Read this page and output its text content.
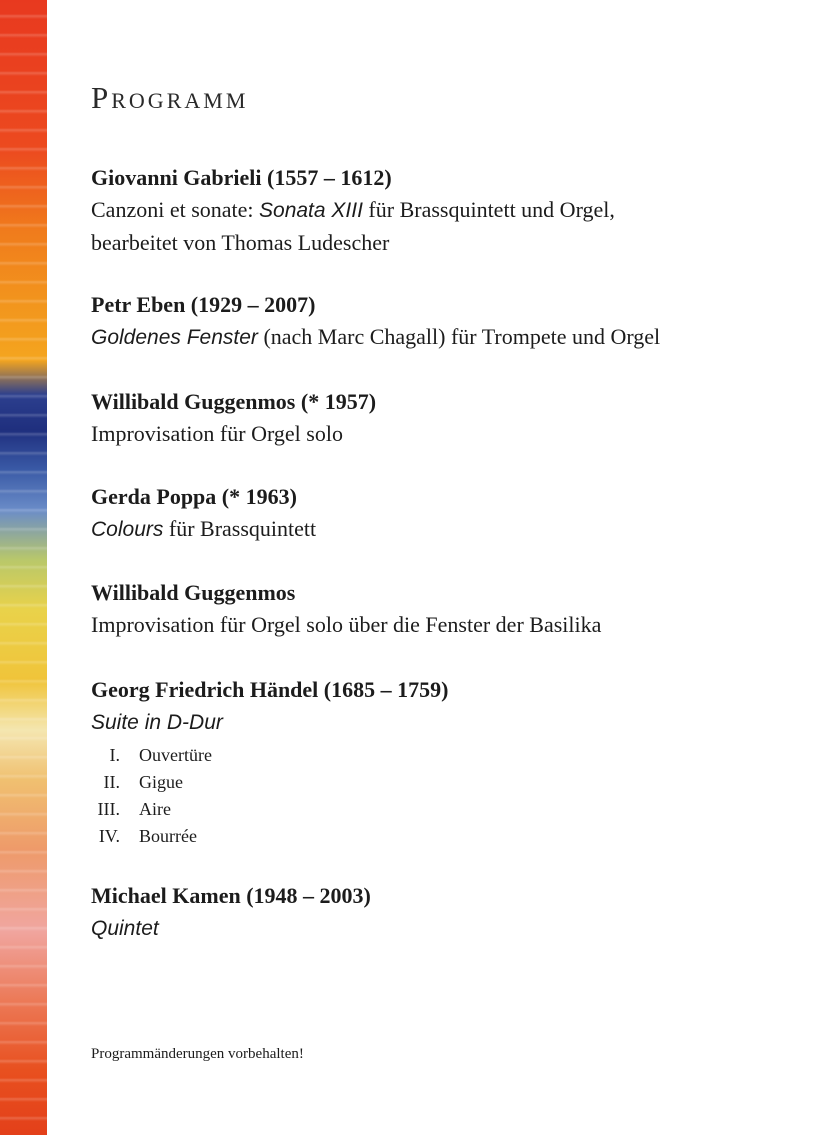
Programm
Giovanni Gabrieli (1557 – 1612)
Canzoni et sonate: Sonata XIII für Brassquintett und Orgel,
bearbeitet von Thomas Ludescher
Petr Eben (1929 – 2007)
Goldenes Fenster (nach Marc Chagall) für Trompete und Orgel
Willibald Guggenmos (* 1957)
Improvisation für Orgel solo
Gerda Poppa (* 1963)
Colours für Brassquintett
Willibald Guggenmos
Improvisation für Orgel solo über die Fenster der Basilika
Georg Friedrich Händel (1685 – 1759)
Suite in D-Dur
I. Ouvertüre
II. Gigue
III. Aire
IV. Bourrée
Michael Kamen (1948 – 2003)
Quintet
Programmänderungen vorbehalten!
